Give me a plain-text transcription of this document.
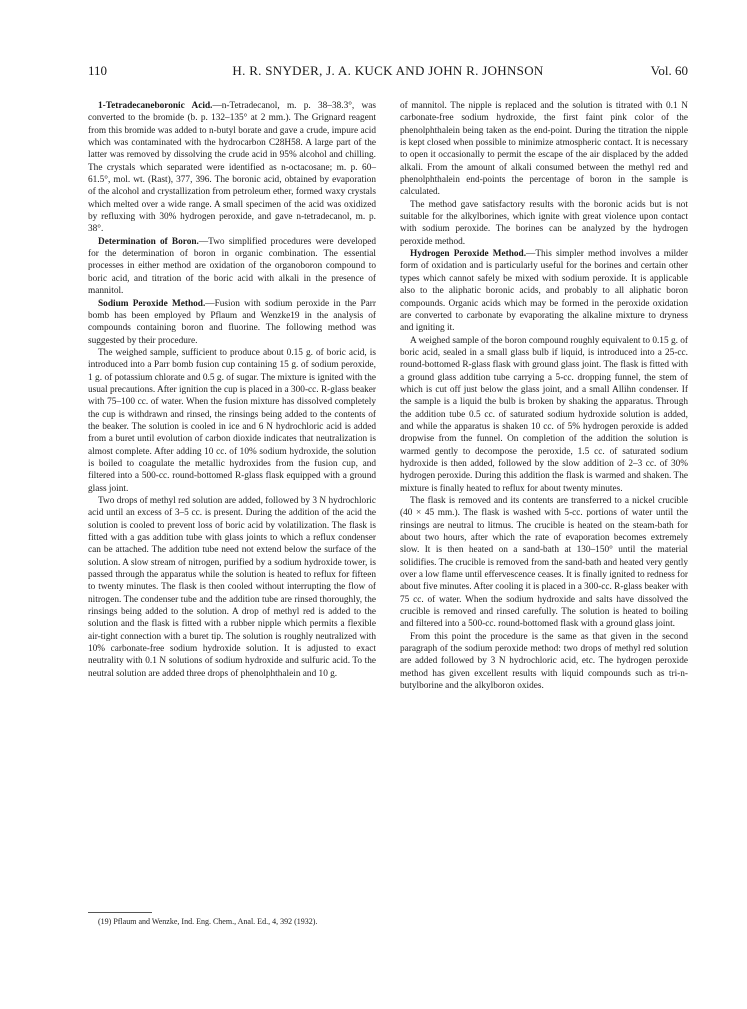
110	H. R. SNYDER, J. A. KUCK AND JOHN R. JOHNSON	Vol. 60

1-Tetradecaneboronic Acid.—n-Tetradecanol, m. p. 38–38.3°, was converted to the bromide (b. p. 132–135° at 2 mm.). The Grignard reagent from this bromide was added to n-butyl borate and gave a crude, impure acid which was contaminated with the hydrocarbon C28H58. A large part of the latter was removed by dissolving the crude acid in 95% alcohol and chilling. The crystals which separated were identified as n-octacosane; m. p. 60–61.5°, mol. wt. (Rast), 377, 396. The boronic acid, obtained by evaporation of the alcohol and crystallization from petroleum ether, formed waxy crystals which melted over a wide range. A small specimen of the acid was oxidized by refluxing with 30% hydrogen peroxide, and gave n-tetradecanol, m. p. 38°.

Determination of Boron.—Two simplified procedures were developed for the determination of boron in organic combination. The essential processes in either method are oxidation of the organoboron compound to boric acid, and titration of the boric acid with alkali in the presence of mannitol.

Sodium Peroxide Method.—Fusion with sodium peroxide in the Parr bomb has been employed by Pflaum and Wenzke19 in the analysis of compounds containing boron and fluorine. The following method was suggested by their procedure.

The weighed sample, sufficient to produce about 0.15 g. of boric acid, is introduced into a Parr bomb fusion cup containing 15 g. of sodium peroxide, 1 g. of potassium chlorate and 0.5 g. of sugar. The mixture is ignited with the usual precautions. After ignition the cup is placed in a 300-cc. R-glass beaker with 75–100 cc. of water. When the fusion mixture has dissolved completely the cup is withdrawn and rinsed, the rinsings being added to the contents of the beaker. The solution is cooled in ice and 6 N hydrochloric acid is added from a buret until evolution of carbon dioxide indicates that neutralization is almost complete. After adding 10 cc. of 10% sodium hydroxide, the solution is boiled to coagulate the metallic hydroxides from the fusion cup, and filtered into a 500-cc. round-bottomed R-glass flask equipped with a ground glass joint.

Two drops of methyl red solution are added, followed by 3 N hydrochloric acid until an excess of 3–5 cc. is present. During the addition of the acid the solution is cooled to prevent loss of boric acid by volatilization. The flask is fitted with a gas addition tube with glass joints to which a reflux condenser can be attached. The addition tube need not extend below the surface of the solution. A slow stream of nitrogen, purified by a sodium hydroxide tower, is passed through the apparatus while the solution is heated to reflux for fifteen to twenty minutes. The flask is then cooled without interrupting the flow of nitrogen. The condenser tube and the addition tube are rinsed thoroughly, the rinsings being added to the solution. A drop of methyl red is added to the solution and the flask is fitted with a rubber nipple which permits a flexible air-tight connection with a buret tip. The solution is roughly neutralized with 10% carbonate-free sodium hydroxide solution. It is adjusted to exact neutrality with 0.1 N solutions of sodium hydroxide and sulfuric acid. To the neutral solution are added three drops of phenolphthalein and 10 g.

of mannitol. The nipple is replaced and the solution is titrated with 0.1 N carbonate-free sodium hydroxide, the first faint pink color of the phenolphthalein being taken as the end-point. During the titration the nipple is kept closed when possible to minimize atmospheric contact. It is necessary to open it occasionally to permit the escape of the air displaced by the added alkali. From the amount of alkali consumed between the methyl red and phenolphthalein end-points the percentage of boron in the sample is calculated.

The method gave satisfactory results with the boronic acids but is not suitable for the alkylborines, which ignite with great violence upon contact with sodium peroxide. The borines can be analyzed by the hydrogen peroxide method.

Hydrogen Peroxide Method.—This simpler method involves a milder form of oxidation and is particularly useful for the borines and certain other types which cannot safely be mixed with sodium peroxide. It is applicable also to the aliphatic boronic acids, and probably to all aliphatic boron compounds. Organic acids which may be formed in the peroxide oxidation are converted to carbonate by evaporating the alkaline mixture to dryness and igniting it.

A weighed sample of the boron compound roughly equivalent to 0.15 g. of boric acid, sealed in a small glass bulb if liquid, is introduced into a 25-cc. round-bottomed R-glass flask with ground glass joint. The flask is fitted with a ground glass addition tube carrying a 5-cc. dropping funnel, the stem of which is cut off just below the glass joint, and a small Allihn condenser. If the sample is a liquid the bulb is broken by shaking the apparatus. Through the addition tube 0.5 cc. of saturated sodium hydroxide solution is added, and while the apparatus is shaken 10 cc. of 5% hydrogen peroxide is added dropwise from the funnel. On completion of the addition the solution is warmed gently to decompose the peroxide, 1.5 cc. of saturated sodium hydroxide is then added, followed by the slow addition of 2–3 cc. of 30% hydrogen peroxide. During this addition the flask is warmed and shaken. The mixture is finally heated to reflux for about twenty minutes.

The flask is removed and its contents are transferred to a nickel crucible (40 × 45 mm.). The flask is washed with 5-cc. portions of water until the rinsings are neutral to litmus. The crucible is heated on the steam-bath for about two hours, after which the rate of evaporation becomes extremely slow. It is then heated on a sand-bath at 130–150° until the material solidifies. The crucible is removed from the sand-bath and heated very gently over a low flame until effervescence ceases. It is finally ignited to redness for about five minutes. After cooling it is placed in a 300-cc. R-glass beaker with 75 cc. of water. When the sodium hydroxide and salts have dissolved the crucible is removed and rinsed carefully. The solution is heated to boiling and filtered into a 500-cc. round-bottomed flask with a ground glass joint.

From this point the procedure is the same as that given in the second paragraph of the sodium peroxide method: two drops of methyl red solution are added followed by 3 N hydrochloric acid, etc. The hydrogen peroxide method has given excellent results with liquid compounds such as tri-n-butylborine and the alkylboron oxides.

(19) Pflaum and Wenzke, Ind. Eng. Chem., Anal. Ed., 4, 392 (1932).
